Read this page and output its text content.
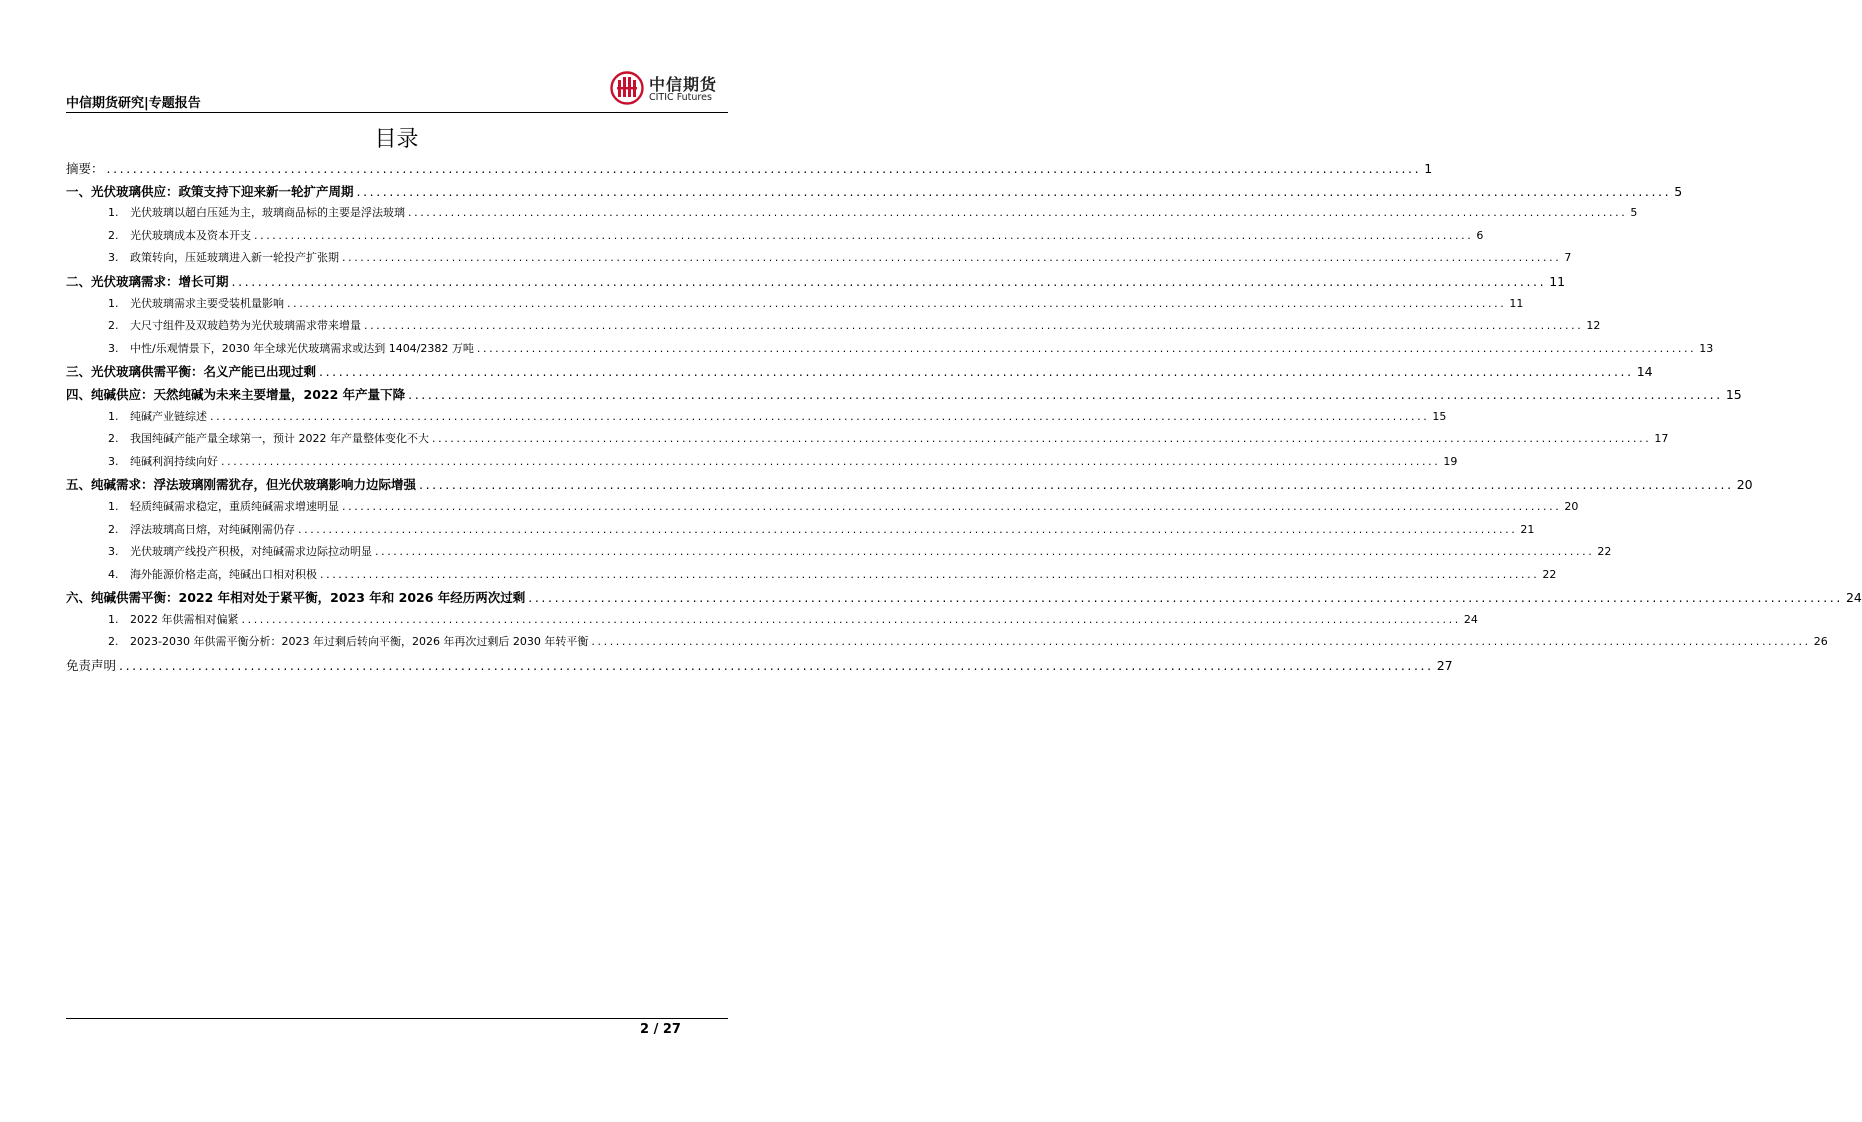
中信期货研究|专题报告
中信期货
CITIC Futures
目录
摘要： ........................................................................................................................................................................................................ 1
一、光伏玻璃供应：政策支持下迎来新一轮扩产周期 ........................................................................................................................................................................................................ 5
1.	光伏玻璃以超白压延为主，玻璃商品标的主要是浮法玻璃 ........................................................................................................................................................................................................ 5
2.	光伏玻璃成本及资本开支 ........................................................................................................................................................................................................ 6
3.	政策转向，压延玻璃进入新一轮投产扩张期 ........................................................................................................................................................................................................ 7
二、光伏玻璃需求：增长可期 ........................................................................................................................................................................................................ 11
1.	光伏玻璃需求主要受装机量影响 ........................................................................................................................................................................................................ 11
2.	大尺寸组件及双玻趋势为光伏玻璃需求带来增量 ........................................................................................................................................................................................................ 12
3.	中性/乐观情景下，2030 年全球光伏玻璃需求或达到 1404/2382 万吨 ........................................................................................................................................................................................................ 13
三、光伏玻璃供需平衡：名义产能已出现过剩 ........................................................................................................................................................................................................ 14
四、纯碱供应：天然纯碱为未来主要增量，2022 年产量下降 ........................................................................................................................................................................................................ 15
1.	纯碱产业链综述 ........................................................................................................................................................................................................ 15
2.	我国纯碱产能产量全球第一，预计 2022 年产量整体变化不大 ........................................................................................................................................................................................................ 17
3.	纯碱利润持续向好 ........................................................................................................................................................................................................ 19
五、纯碱需求：浮法玻璃刚需犹存，但光伏玻璃影响力边际增强 ........................................................................................................................................................................................................ 20
1.	轻质纯碱需求稳定，重质纯碱需求增速明显 ........................................................................................................................................................................................................ 20
2.	浮法玻璃高日熔，对纯碱刚需仍存 ........................................................................................................................................................................................................ 21
3.	光伏玻璃产线投产积极，对纯碱需求边际拉动明显 ........................................................................................................................................................................................................ 22
4.	海外能源价格走高，纯碱出口相对积极 ........................................................................................................................................................................................................ 22
六、纯碱供需平衡：2022 年相对处于紧平衡，2023 年和 2026 年经历两次过剩 ........................................................................................................................................................................................................ 24
1.	2022 年供需相对偏紧 ........................................................................................................................................................................................................ 24
2.	2023-2030 年供需平衡分析：2023 年过剩后转向平衡，2026 年再次过剩后 2030 年转平衡 ........................................................................................................................................................................................................ 26
免责声明 ........................................................................................................................................................................................................ 27
2 / 27
